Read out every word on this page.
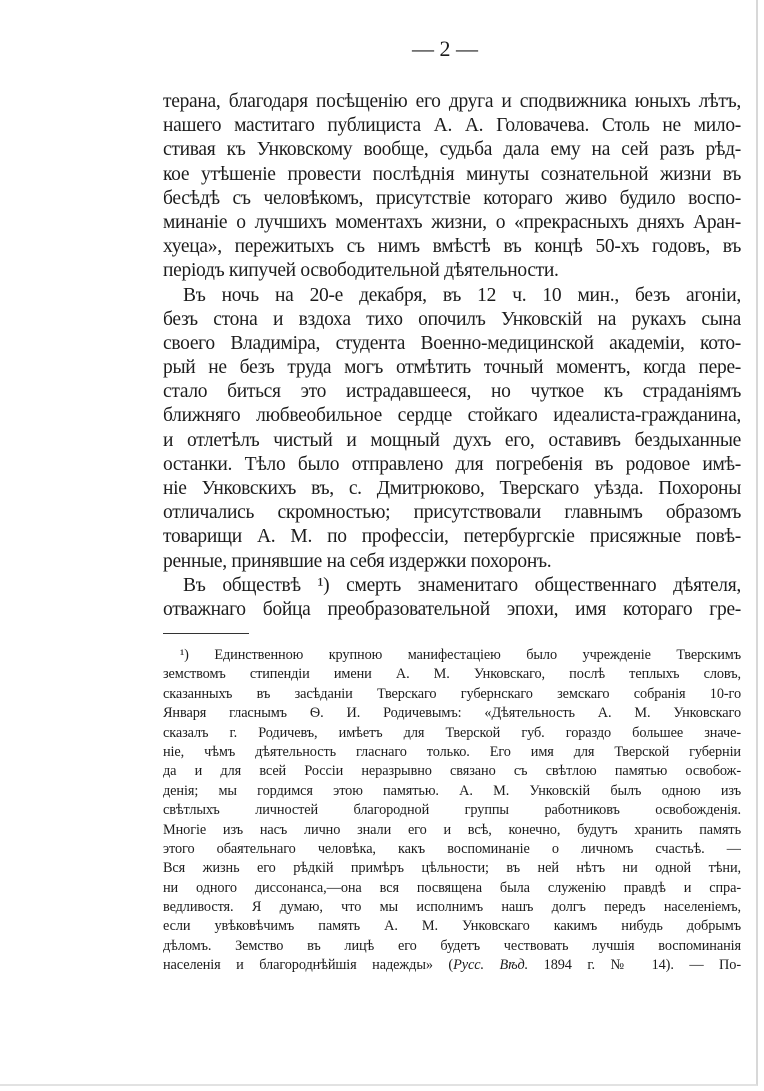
— 2 —
терана, благодаря посѣщенію его друга и сподвижника юныхъ лѣтъ,
нашего маститаго публициста А. А. Головачева. Столь не мило-
стивая къ Унковскому вообще, судьба дала ему на сей разъ рѣд-
кое утѣшеніе провести послѣднія минуты сознательной жизни въ
бесѣдѣ съ человѣкомъ, присутствіе котораго живо будило воспо-
минаніе о лучшихъ моментахъ жизни, о «прекрасныхъ дняхъ Аран-
хуеца», пережитыхъ съ нимъ вмѣстѣ въ концѣ 50-хъ годовъ, въ
періодъ кипучей освободительной дѣятельности.
Въ ночь на 20-е декабря, въ 12 ч. 10 мин., безъ агоніи,
безъ стона и вздоха тихо опочилъ Унковскій на рукахъ сына
своего Владиміра, студента Военно-медицинской академіи, кото-
рый не безъ труда могъ отмѣтить точный моментъ, когда пере-
стало биться это истрадавшееся, но чуткое къ страданіямъ
ближняго любвеобильное сердце стойкаго идеалиста-гражданина,
и отлетѣлъ чистый и мощный духъ его, оставивъ бездыханные
останки. Тѣло было отправлено для погребенія въ родовое имѣ-
ніе Унковскихъ въ, с. Дмитрюково, Тверскаго уѣзда. Похороны
отличались скромностью; присутствовали главнымъ образомъ
товарищи А. М. по профессіи, петербургскіе присяжные повѣ-
ренные, принявшие на себя издержки похоронъ.
Въ обществѣ ¹) смерть знаменитаго общественнаго дѣятеля,
отважнаго бойца преобразовательной эпохи, имя котораго гре-
¹) Единственною крупною манифестаціею было учрежденіе Тверскимъ
земствомъ стипендіи имени А. М. Унковскаго, послѣ теплыхъ словъ,
сказанныхъ въ засѣданіи Тверскаго губернскаго земскаго собранія 10-го
Января гласнымъ Ѳ. И. Родичевымъ: «Дѣятельность А. М. Унковскаго
сказалъ г. Родичевъ, имѣетъ для Тверской губ. гораздо большее значе-
ніе, чѣмъ дѣятельность гласнаго только. Его имя для Тверской губерніи
да и для всей Россіи неразрывно связано съ свѣтлою памятью освобож-
денія; мы гордимся этою памятью. А. М. Унковскій былъ одною изъ
свѣтлыхъ личностей благородной группы работниковъ освобожденія.
Многіе изъ насъ лично знали его и всѣ, конечно, будутъ хранить память
этого обаятельнаго человѣка, какъ воспоминаніе о личномъ счастьѣ. —
Вся жизнь его рѣдкій примѣръ цѣльности; въ ней нѣтъ ни одной тѣни,
ни одного диссонанса,—она вся посвящена была служенію правдѣ и спра-
ведливостя. Я думаю, что мы исполнимъ нашъ долгъ передъ населеніемъ,
если увѣковѣчимъ память А. М. Унковскаго какимъ нибудь добрымъ
дѣломъ. Земство въ лицѣ его будетъ чествовать лучшія воспоминанія
населенія и благороднѣйшія надежды» (Русс. Вѣд. 1894 г. № 14). — По-
